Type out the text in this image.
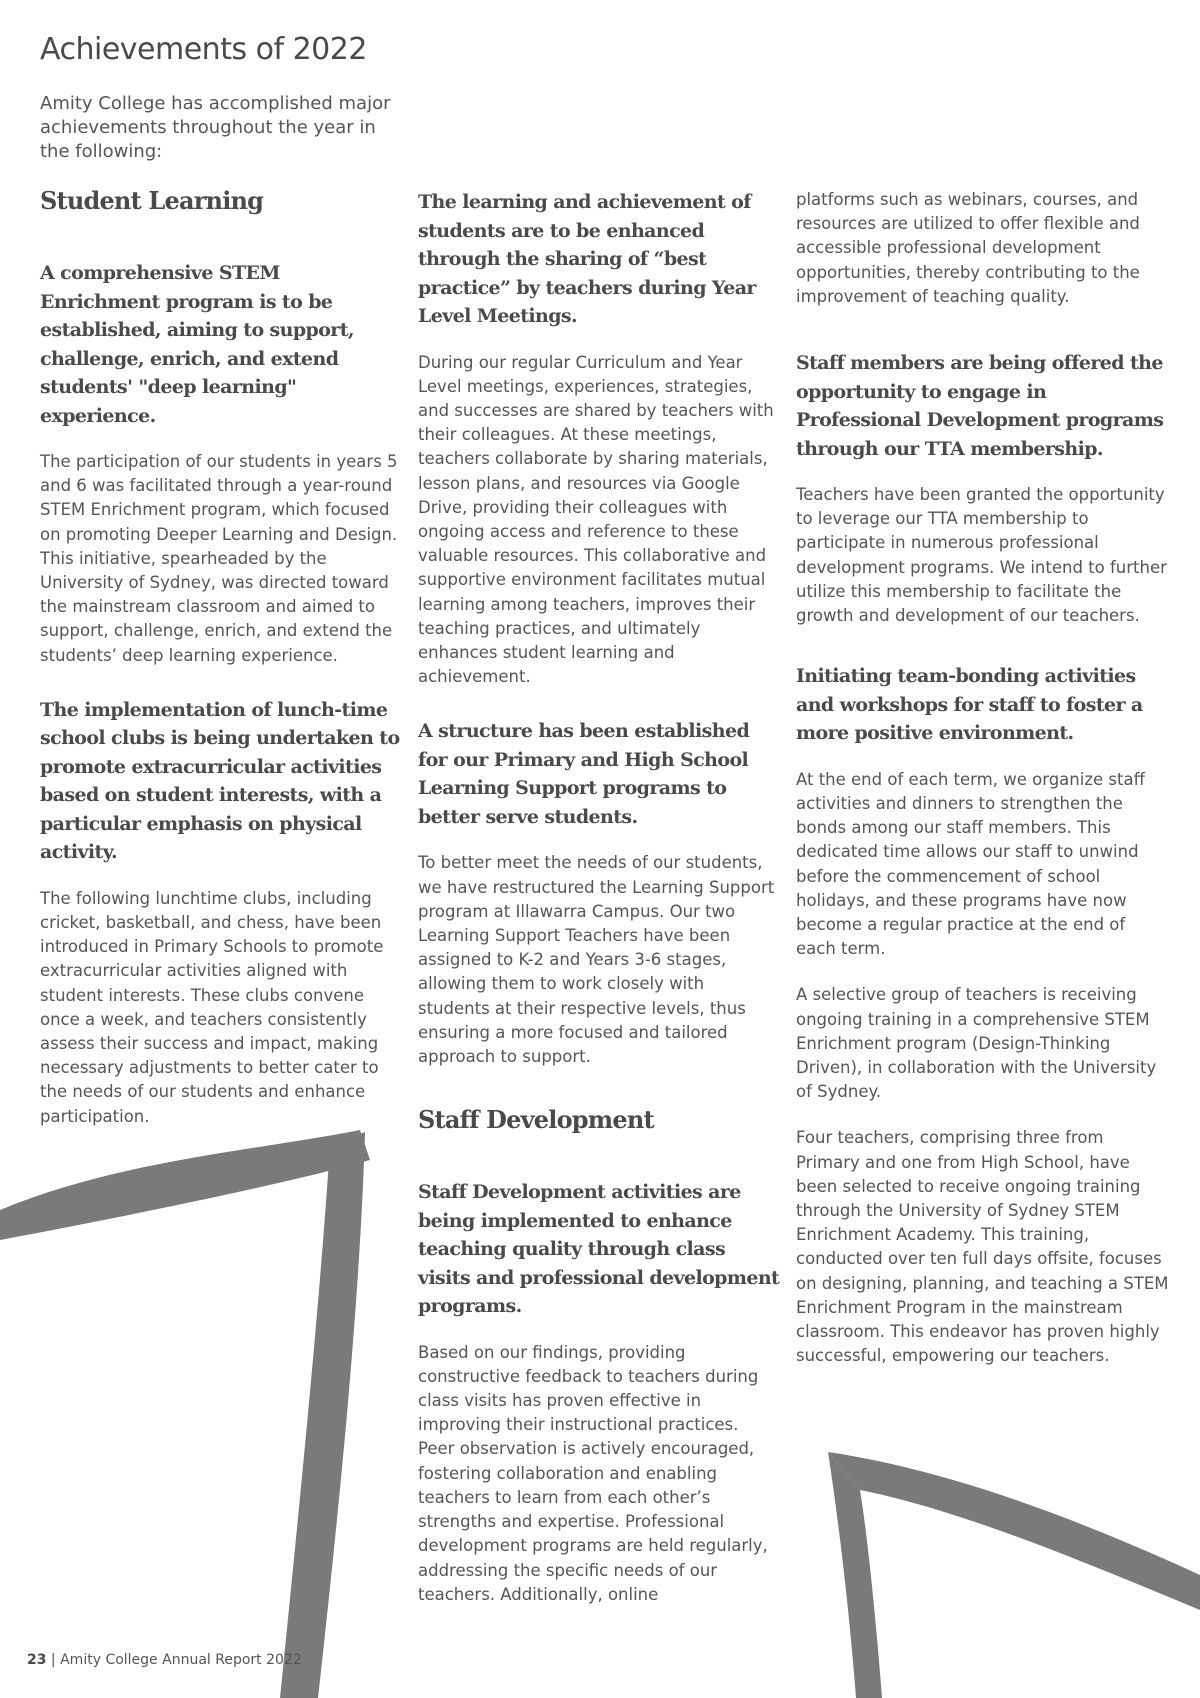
Achievements of 2022

Amity College has accomplished major achievements throughout the year in the following:

Student Learning
A comprehensive STEM Enrichment program is to be established, aiming to support, challenge, enrich, and extend students' "deep learning" experience.

The participation of our students in years 5 and 6 was facilitated through a year-round STEM Enrichment program, which focused on promoting Deeper Learning and Design. This initiative, spearheaded by the University of Sydney, was directed toward the mainstream classroom and aimed to support, challenge, enrich, and extend the students’ deep learning experience.

The implementation of lunch-time school clubs is being undertaken to promote extracurricular activities based on student interests, with a particular emphasis on physical activity.

The following lunchtime clubs, including cricket, basketball, and chess, have been introduced in Primary Schools to promote extracurricular activities aligned with student interests. These clubs convene once a week, and teachers consistently assess their success and impact, making necessary adjustments to better cater to the needs of our students and enhance participation.

The learning and achievement of students are to be enhanced through the sharing of “best practice” by teachers during Year Level Meetings.

During our regular Curriculum and Year Level meetings, experiences, strategies, and successes are shared by teachers with their colleagues. At these meetings, teachers collaborate by sharing materials, lesson plans, and resources via Google Drive, providing their colleagues with ongoing access and reference to these valuable resources. This collaborative and supportive environment facilitates mutual learning among teachers, improves their teaching practices, and ultimately enhances student learning and achievement.

A structure has been established for our Primary and High School Learning Support programs to better serve students.

To better meet the needs of our students, we have restructured the Learning Support program at Illawarra Campus. Our two Learning Support Teachers have been assigned to K-2 and Years 3-6 stages, allowing them to work closely with students at their respective levels, thus ensuring a more focused and tailored approach to support.

Staff Development
Staff Development activities are being implemented to enhance teaching quality through class visits and professional development programs.

Based on our findings, providing constructive feedback to teachers during class visits has proven effective in improving their instructional practices. Peer observation is actively encouraged, fostering collaboration and enabling teachers to learn from each other’s strengths and expertise. Professional development programs are held regularly, addressing the specific needs of our teachers. Additionally, online

platforms such as webinars, courses, and resources are utilized to offer flexible and accessible professional development opportunities, thereby contributing to the improvement of teaching quality.

Staff members are being offered the opportunity to engage in Professional Development programs through our TTA membership.

Teachers have been granted the opportunity to leverage our TTA membership to participate in numerous professional development programs. We intend to further utilize this membership to facilitate the growth and development of our teachers.

Initiating team-bonding activities and workshops for staff to foster a more positive environment.

At the end of each term, we organize staff activities and dinners to strengthen the bonds among our staff members. This dedicated time allows our staff to unwind before the commencement of school holidays, and these programs have now become a regular practice at the end of each term.

A selective group of teachers is receiving ongoing training in a comprehensive STEM Enrichment program (Design-Thinking Driven), in collaboration with the University of Sydney.

Four teachers, comprising three from Primary and one from High School, have been selected to receive ongoing training through the University of Sydney STEM Enrichment Academy. This training, conducted over ten full days offsite, focuses on designing, planning, and teaching a STEM Enrichment Program in the mainstream classroom. This endeavor has proven highly successful, empowering our teachers.

23 | Amity College Annual Report 2022
